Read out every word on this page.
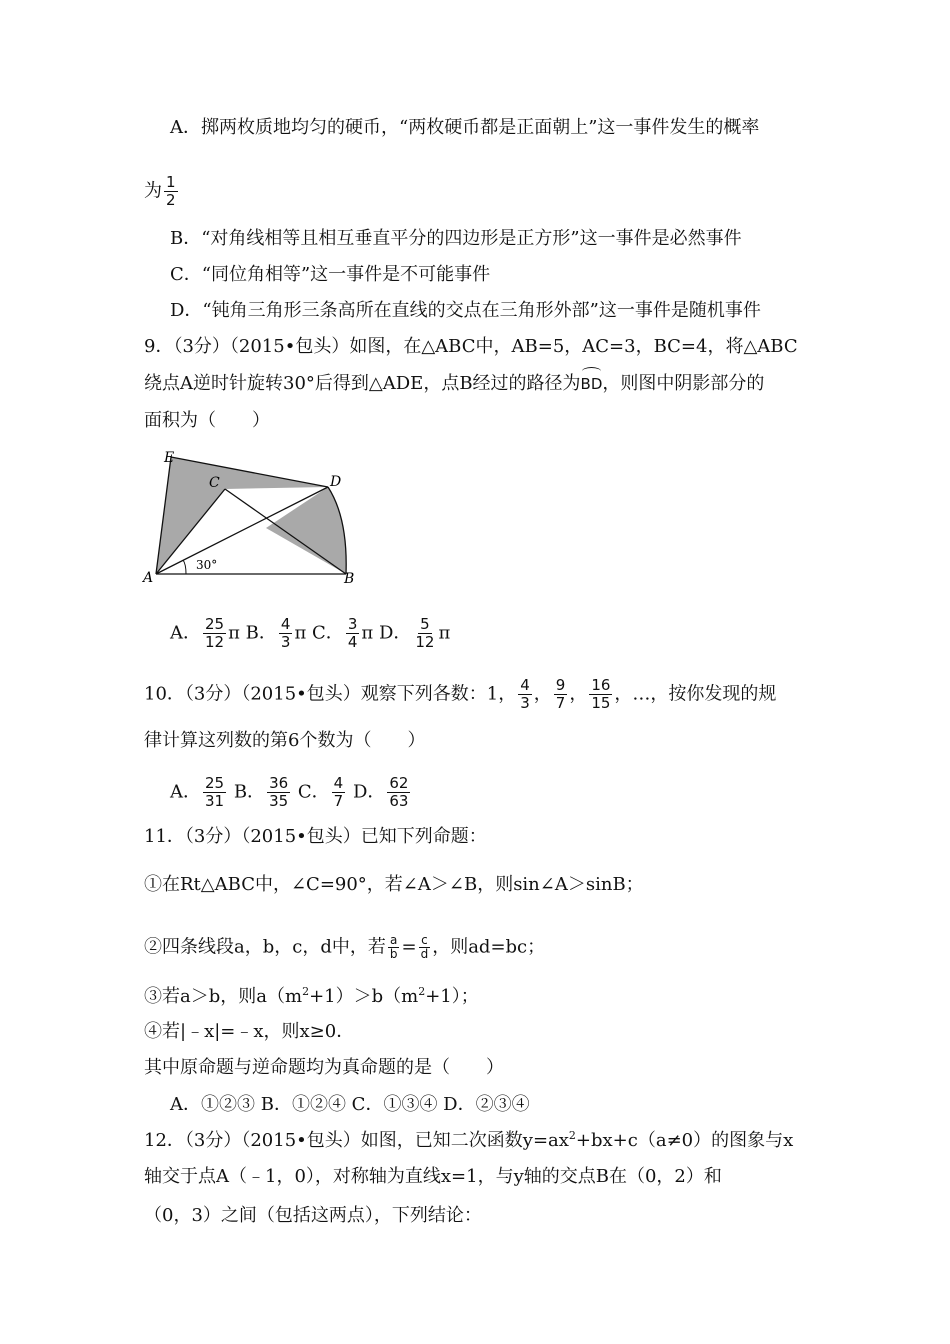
A．掷两枚质地均匀的硬币，“两枚硬币都是正面朝上”这一事件发生的概率
为 $\frac{1}{2}$
B．“对角线相等且相互垂直平分的四边形是正方形”这一事件是必然事件
C．“同位角相等”这一事件是不可能事件
D．“钝角三角形三条高所在直线的交点在三角形外部”这一事件是随机事件
9．（3分）（2015•包头）如图，在△ABC中，AB=5，AC=3，BC=4，将△ABC
绕点A逆时针旋转30°后得到△ADE，点B经过的路径为BD，则图中阴影部分的
面积为（　　）
E
C	D
A	B
30°
A． $\frac{25}{12}$ π B． $\frac{4}{3}$ π C． $\frac{3}{4}$ π D． $\frac{5}{12}$ π
10．（3分）（2015•包头）观察下列各数：1， $\frac{4}{3}$ ， $\frac{9}{7}$ ， $\frac{16}{15}$ ，…，按你发现的规
律计算这列数的第6个数为（　　）
A． $\frac{25}{31}$ B． $\frac{36}{35}$ C． $\frac{4}{7}$ D． $\frac{62}{63}$
11．（3分）（2015•包头）已知下列命题：
①在Rt△ABC中，∠C=90°，若∠A＞∠B，则sin∠A＞sinB；
②四条线段a，b，c，d中，若 $\frac{a}{b} = \frac{c}{d}$ ，则ad=bc；
③若a＞b，则$a(m^2+1)>b(m^2+1)$；
④若|﹣x|=﹣x，则x≥0．
其中原命题与逆命题均为真命题的是（　　）
A．①②③ B．①②④ C．①③④ D．②③④
12．（3分）（2015•包头）如图，已知二次函数$y=ax^2+bx+c(a\ne 0)$的图象与x
轴交于点A（﹣1，0），对称轴为直线x=1，与y轴的交点B在（0，2）和
（0，3）之间（包括这两点），下列结论：
